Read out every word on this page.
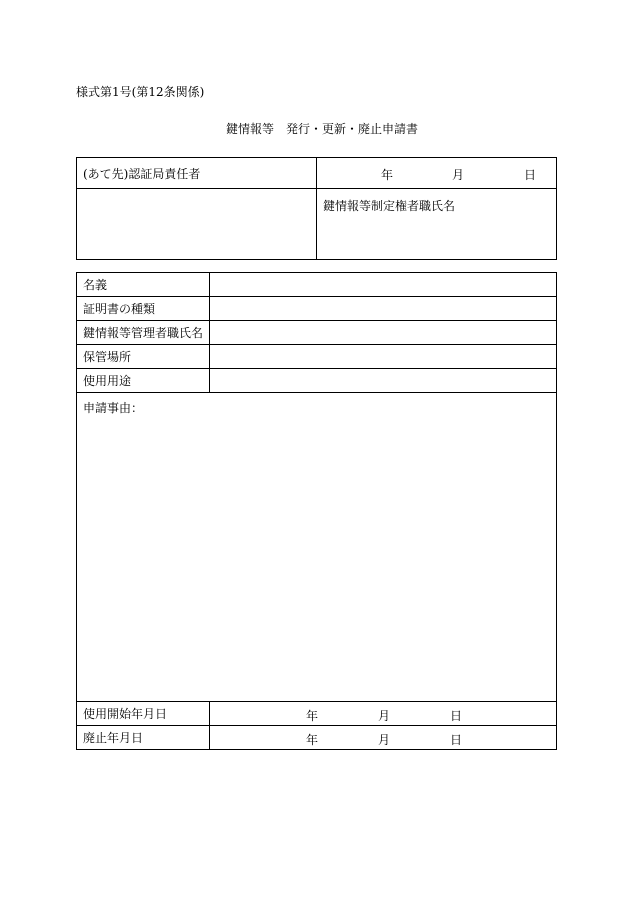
様式第1号(第12条関係)
鍵情報等　発行・更新・廃止申請書
(あて先)認証局責任者	年 月 日

	鍵情報等制定権者職氏名
名義	
証明書の種類	
鍵情報等管理者職氏名	
保管場所	
使用用途	
申請事由：	
使用開始年月日	年 月 日

廃止年月日	年 月 日
